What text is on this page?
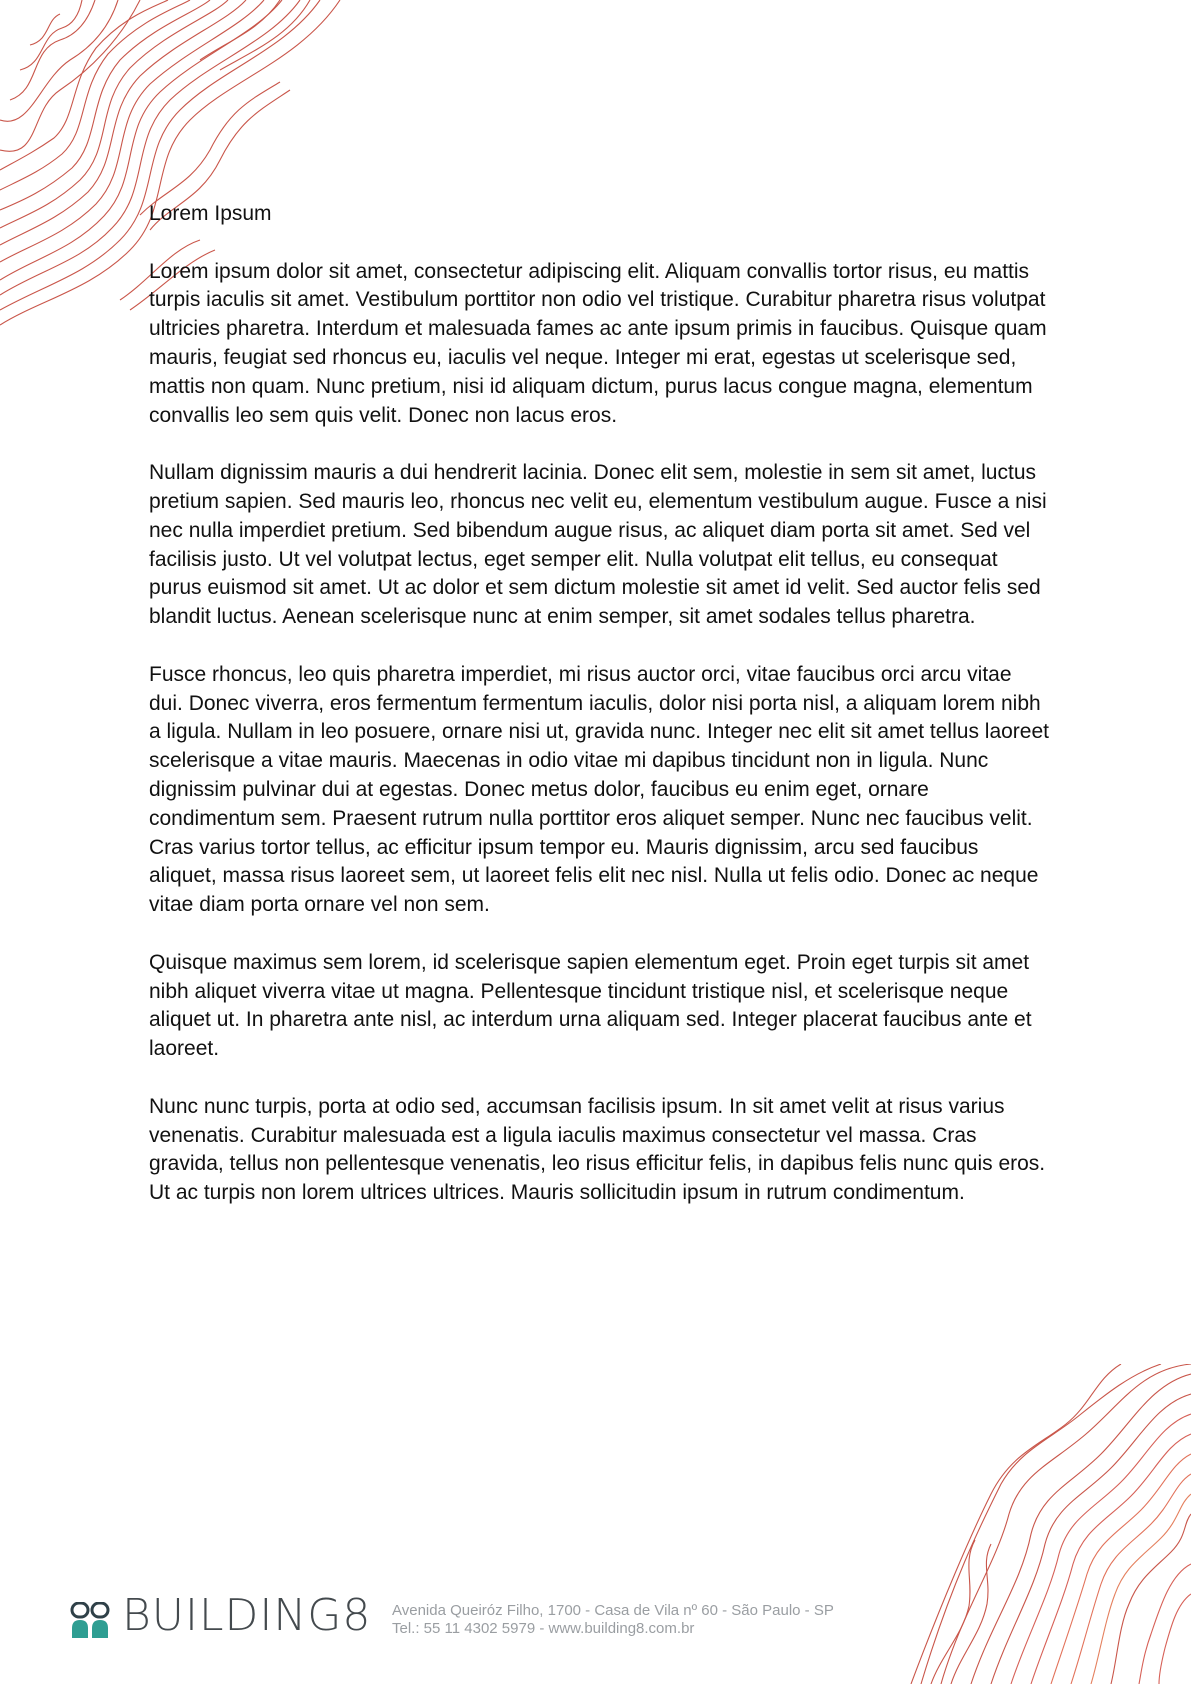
Lorem Ipsum

Lorem ipsum dolor sit amet, consectetur adipiscing elit. Aliquam convallis tortor risus, eu mattis turpis iaculis sit amet. Vestibulum porttitor non odio vel tristique. Curabitur pharetra risus volutpat ultricies pharetra. Interdum et malesuada fames ac ante ipsum primis in faucibus. Quisque quam mauris, feugiat sed rhoncus eu, iaculis vel neque. Integer mi erat, egestas ut scelerisque sed, mattis non quam. Nunc pretium, nisi id aliquam dictum, purus lacus congue magna, elementum convallis leo sem quis velit. Donec non lacus eros.

Nullam dignissim mauris a dui hendrerit lacinia. Donec elit sem, molestie in sem sit amet, luctus pretium sapien. Sed mauris leo, rhoncus nec velit eu, elementum vestibulum augue. Fusce a nisi nec nulla imperdiet pretium. Sed bibendum augue risus, ac aliquet diam porta sit amet. Sed vel facilisis justo. Ut vel volutpat lectus, eget semper elit. Nulla volutpat elit tellus, eu consequat purus euismod sit amet. Ut ac dolor et sem dictum molestie sit amet id velit. Sed auctor felis sed blandit luctus. Aenean scelerisque nunc at enim semper, sit amet sodales tellus pharetra.

Fusce rhoncus, leo quis pharetra imperdiet, mi risus auctor orci, vitae faucibus orci arcu vitae dui. Donec viverra, eros fermentum fermentum iaculis, dolor nisi porta nisl, a aliquam lorem nibh a ligula. Nullam in leo posuere, ornare nisi ut, gravida nunc. Integer nec elit sit amet tellus laoreet scelerisque a vitae mauris. Maecenas in odio vitae mi dapibus tincidunt non in ligula. Nunc dignissim pulvinar dui at egestas. Donec metus dolor, faucibus eu enim eget, ornare condimentum sem. Praesent rutrum nulla porttitor eros aliquet semper. Nunc nec faucibus velit. Cras varius tortor tellus, ac efficitur ipsum tempor eu. Mauris dignissim, arcu sed faucibus aliquet, massa risus laoreet sem, ut laoreet felis elit nec nisl. Nulla ut felis odio. Donec ac neque vitae diam porta ornare vel non sem.

Quisque maximus sem lorem, id scelerisque sapien elementum eget. Proin eget turpis sit amet nibh aliquet viverra vitae ut magna. Pellentesque tincidunt tristique nisl, et scelerisque neque aliquet ut. In pharetra ante nisl, ac interdum urna aliquam sed. Integer placerat faucibus ante et laoreet.

Nunc nunc turpis, porta at odio sed, accumsan facilisis ipsum. In sit amet velit at risus varius venenatis. Curabitur malesuada est a ligula iaculis maximus consectetur vel massa. Cras gravida, tellus non pellentesque venenatis, leo risus efficitur felis, in dapibus felis nunc quis eros. Ut ac turpis non lorem ultrices ultrices. Mauris sollicitudin ipsum in rutrum condimentum.

BUILDING8 Avenida Queiróz Filho, 1700 - Casa de Vila nº 60 - São Paulo - SP
Tel.: 55 11 4302 5979 - www.building8.com.br
